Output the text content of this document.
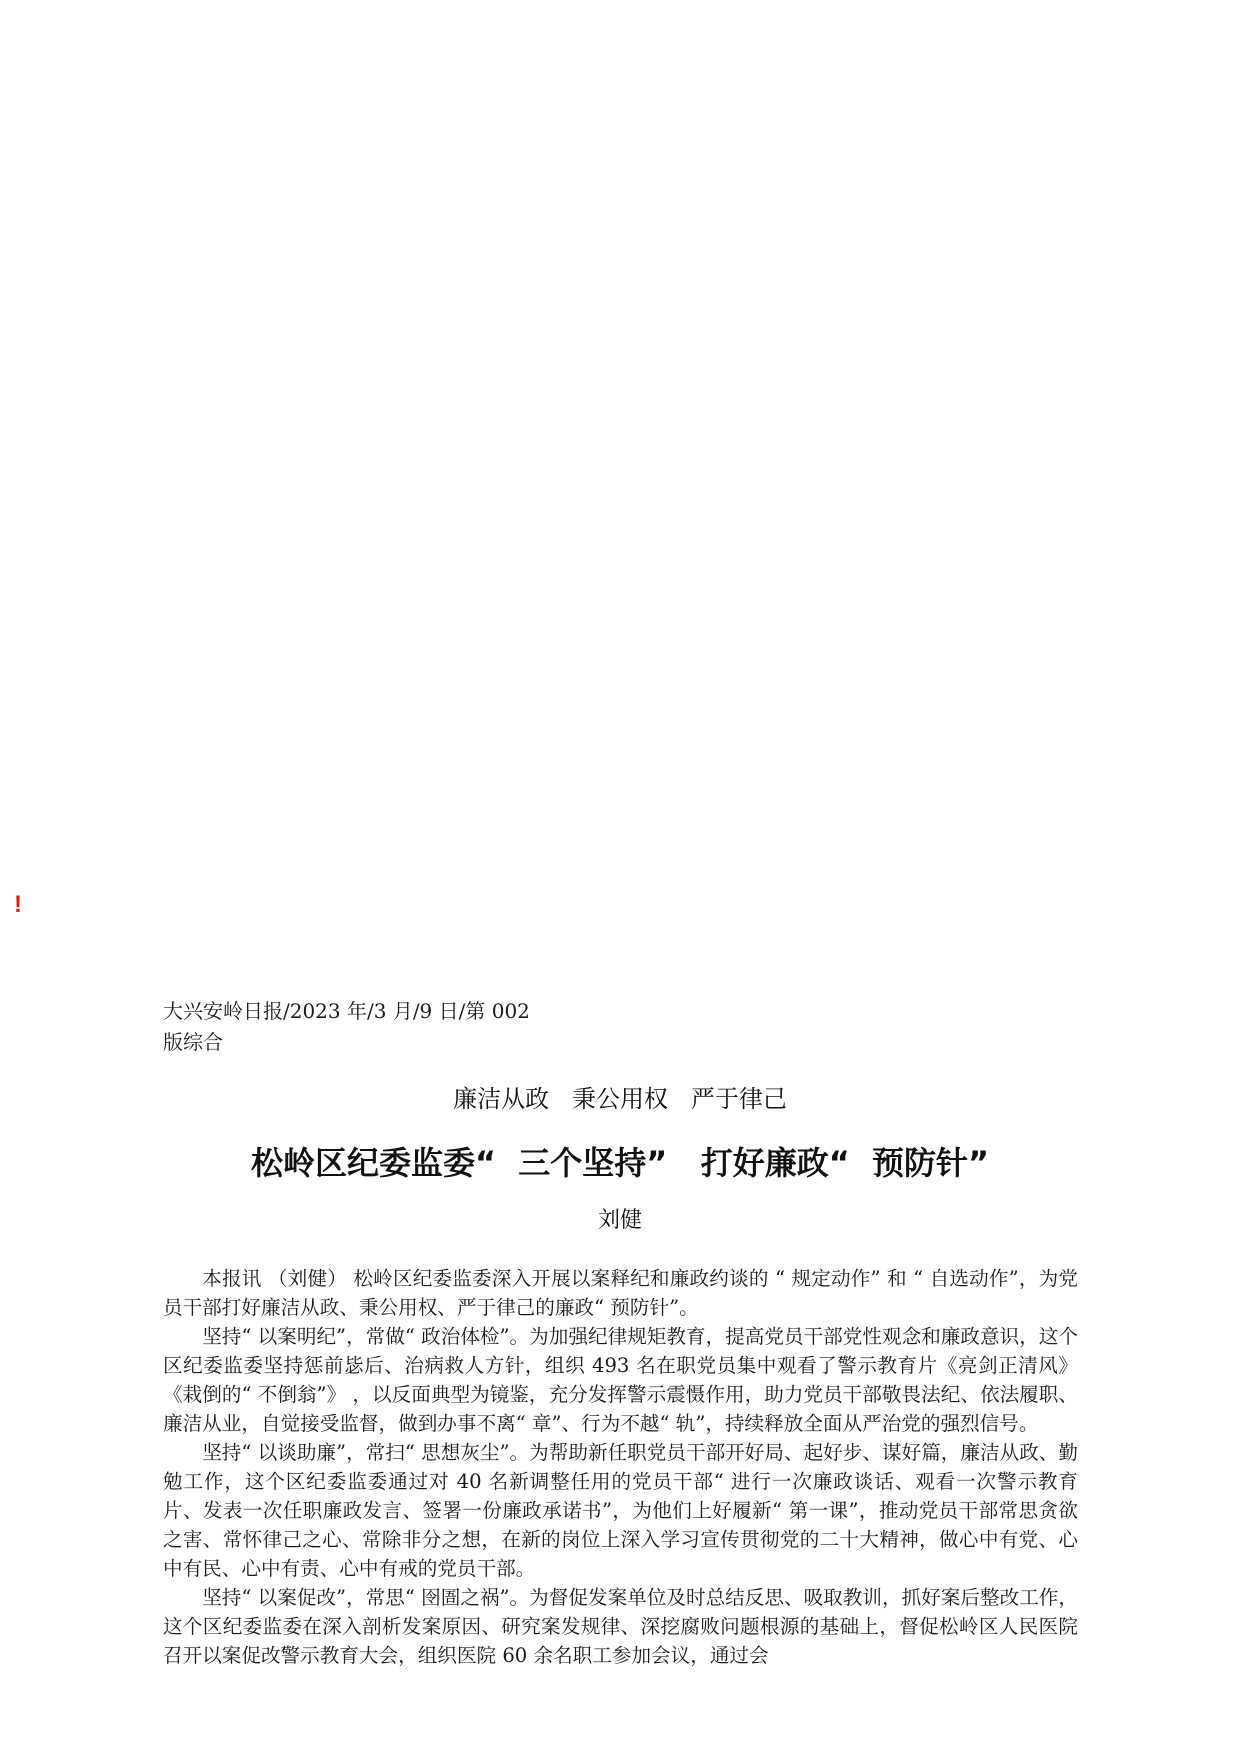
!
大兴安岭日报/2023 年/3 月/9 日/第 002 版综合
廉洁从政   秉公用权   严于律己
松岭区纪委监委“  三个坚持”   打好廉政“  预防针”
刘健

本报讯 （刘健） 松岭区纪委监委深入开展以案释纪和廉政约谈的 “ 规定动作” 和 “ 自选动作”，为党员干部打好廉洁从政、秉公用权、严于律己的廉政“ 预防针”。

坚持“ 以案明纪”，常做“ 政治体检”。为加强纪律规矩教育，提高党员干部党性观念和廉政意识，这个区纪委监委坚持惩前毖后、治病救人方针，组织 493 名在职党员集中观看了警示教育片《亮剑正清风》 《栽倒的“ 不倒翁”》 ，以反面典型为镜鉴，充分发挥警示震慑作用，助力党员干部敬畏法纪、依法履职、廉洁从业，自觉接受监督，做到办事不离“ 章”、行为不越“ 轨”，持续释放全面从严治党的强烈信号。

坚持“ 以谈助廉”，常扫“ 思想灰尘”。为帮助新任职党员干部开好局、起好步、谋好篇，廉洁从政、勤勉工作，这个区纪委监委通过对 40 名新调整任用的党员干部“ 进行一次廉政谈话、观看一次警示教育片、发表一次任职廉政发言、签署一份廉政承诺书”，为他们上好履新“ 第一课”，推动党员干部常思贪欲之害、常怀律己之心、常除非分之想，在新的岗位上深入学习宣传贯彻党的二十大精神，做心中有党、心中有民、心中有责、心中有戒的党员干部。

坚持“ 以案促改”，常思“ 囹圄之祸”。为督促发案单位及时总结反思、吸取教训，抓好案后整改工作，这个区纪委监委在深入剖析发案原因、研究案发规律、深挖腐败问题根源的基础上，督促松岭区人民医院召开以案促改警示教育大会，组织医院 60 余名职工参加会议，通过会
